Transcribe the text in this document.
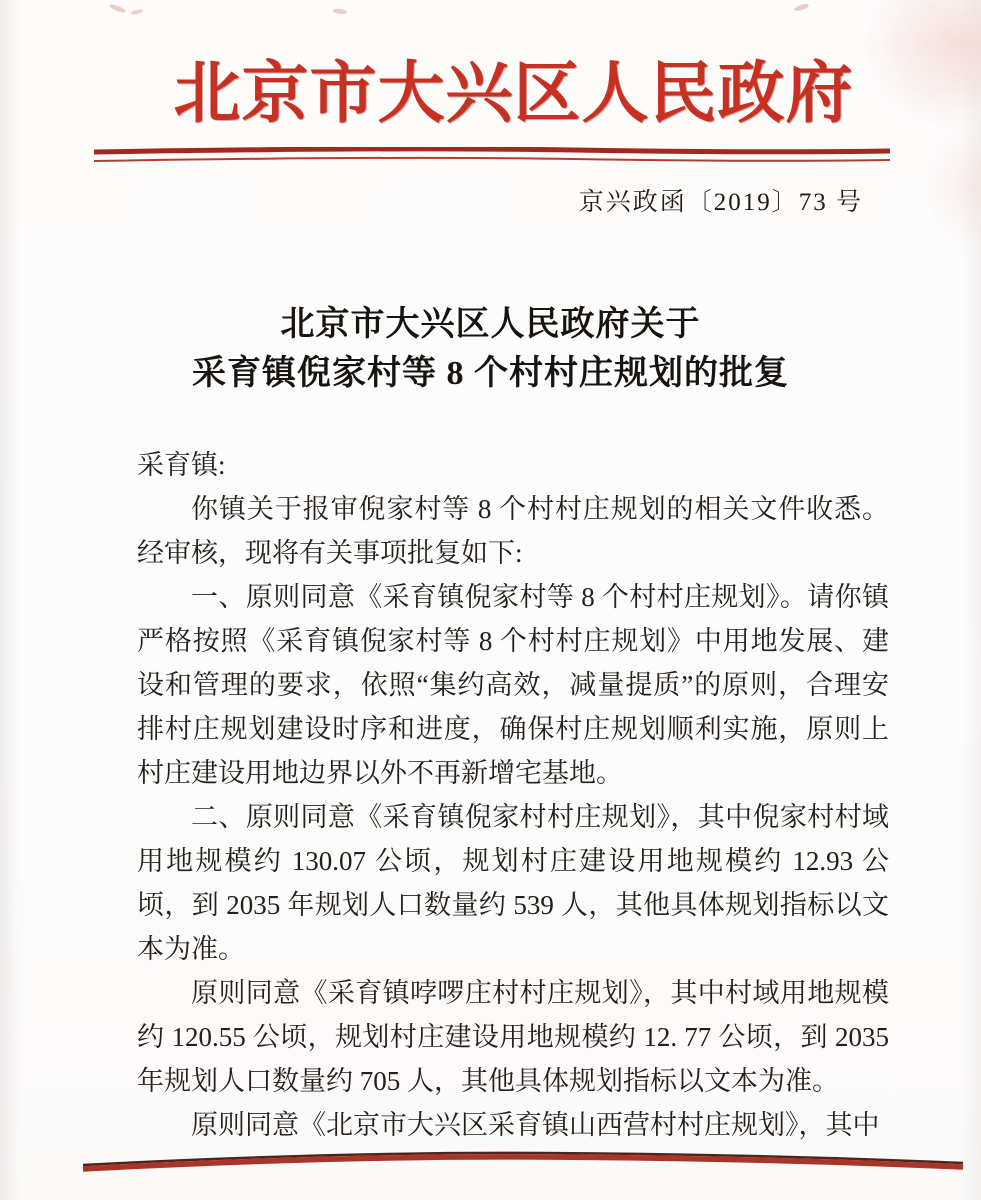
北京市大兴区人民政府
京兴政函〔2019〕73 号
北京市大兴区人民政府关于
采育镇倪家村等 8 个村村庄规划的批复

采育镇:

你镇关于报审倪家村等 8 个村村庄规划的相关文件收悉。经审核，现将有关事项批复如下:

一、原则同意《采育镇倪家村等 8 个村村庄规划》。请你镇严格按照《采育镇倪家村等 8 个村村庄规划》中用地发展、建设和管理的要求，依照“集约高效，减量提质”的原则，合理安排村庄规划建设时序和进度，确保村庄规划顺利实施，原则上村庄建设用地边界以外不再新增宅基地。

二、原则同意《采育镇倪家村村庄规划》，其中倪家村村域用地规模约 130.07 公顷，规划村庄建设用地规模约 12.93 公顷，到 2035 年规划人口数量约 539 人，其他具体规划指标以文本为准。

原则同意《采育镇哱啰庄村村庄规划》，其中村域用地规模约 120.55 公顷，规划村庄建设用地规模约 12. 77 公顷，到 2035 年规划人口数量约 705 人，其他具体规划指标以文本为准。

原则同意《北京市大兴区采育镇山西营村村庄规划》，其中
